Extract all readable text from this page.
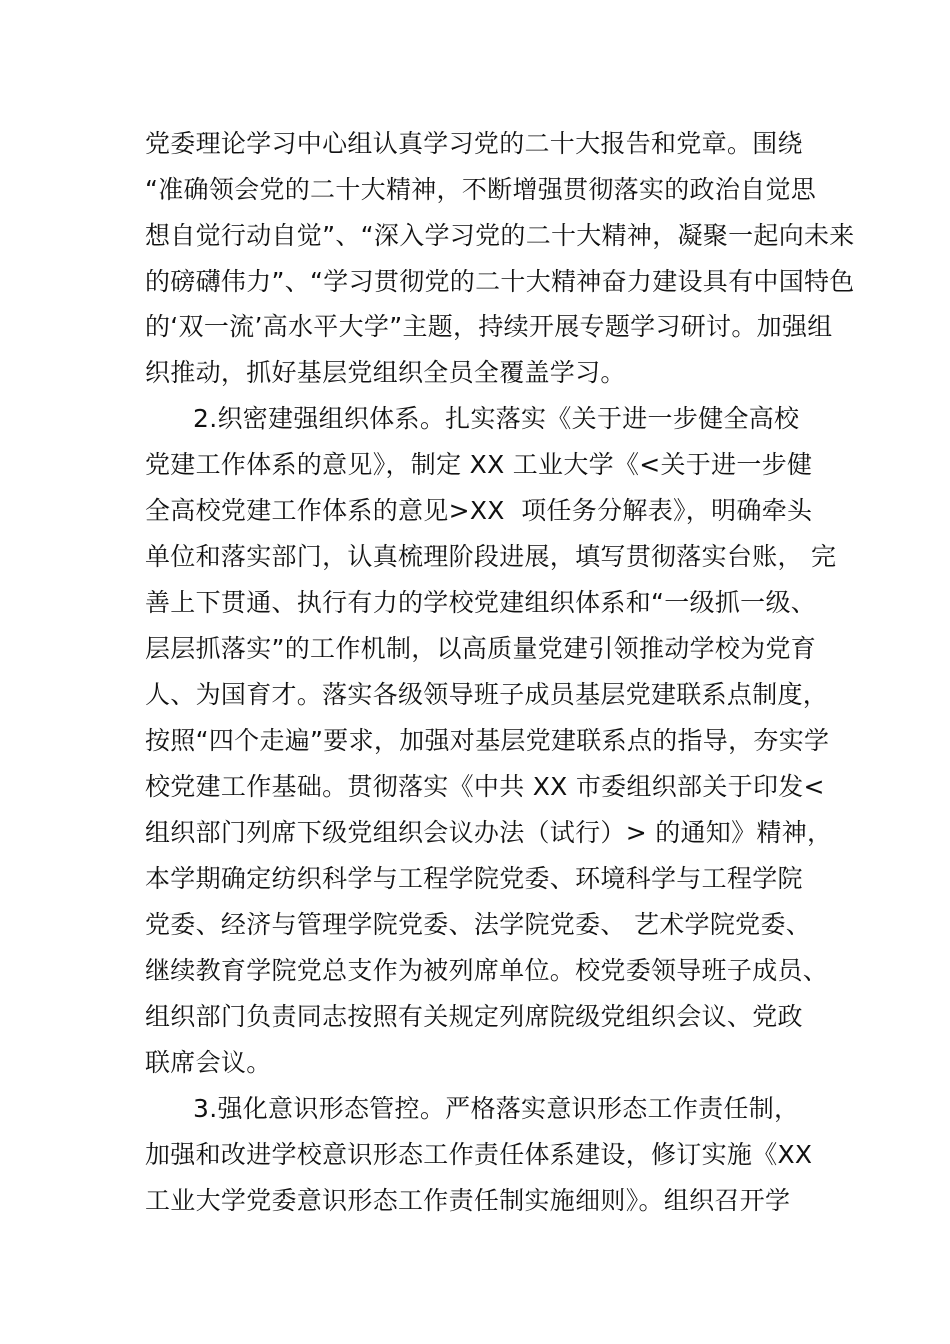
党委理论学习中心组认真学习党的二十大报告和党章。围绕
“准确领会党的二十大精神，不断增强贯彻落实的政治自觉思
想自觉行动自觉”、“深入学习党的二十大精神，凝聚一起向未来
的磅礴伟力”、“学习贯彻党的二十大精神奋力建设具有中国特色
的‘双一流’高水平大学”主题，持续开展专题学习研讨。加强组
织推动，抓好基层党组织全员全覆盖学习。
2.织密建强组织体系。扎实落实《关于进一步健全高校
党建工作体系的意见》，制定 XX 工业大学《<关于进一步健
全高校党建工作体系的意见>XX  项任务分解表》，明确牵头
单位和落实部门，认真梳理阶段进展，填写贯彻落实台账， 完
善上下贯通、执行有力的学校党建组织体系和“一级抓一级、
层层抓落实”的工作机制，以高质量党建引领推动学校为党育
人、为国育才。落实各级领导班子成员基层党建联系点制度，
按照“四个走遍”要求，加强对基层党建联系点的指导，夯实学
校党建工作基础。贯彻落实《中共 XX 市委组织部关于印发<
组织部门列席下级党组织会议办法（试行）> 的通知》精神，
本学期确定纺织科学与工程学院党委、环境科学与工程学院
党委、经济与管理学院党委、法学院党委、 艺术学院党委、
继续教育学院党总支作为被列席单位。校党委领导班子成员、
组织部门负责同志按照有关规定列席院级党组织会议、党政
联席会议。
3.强化意识形态管控。严格落实意识形态工作责任制，
加强和改进学校意识形态工作责任体系建设，修订实施《XX
工业大学党委意识形态工作责任制实施细则》。组织召开学
